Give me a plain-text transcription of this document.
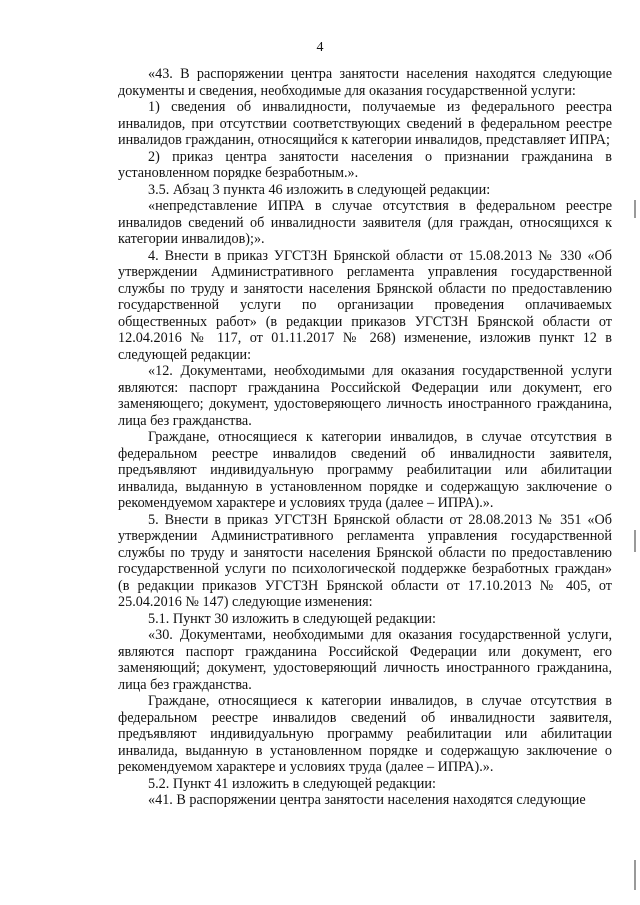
4

«43. В распоряжении центра занятости населения находятся следующие документы и сведения, необходимые для оказания государственной услуги:

1) сведения об инвалидности, получаемые из федерального реестра инвалидов, при отсутствии соответствующих сведений в федеральном реестре инвалидов гражданин, относящийся к категории инвалидов, представляет ИПРА;

2) приказ центра занятости населения о признании гражданина в установленном порядке безработным.».

3.5. Абзац 3 пункта 46 изложить в следующей редакции:

«непредставление ИПРА в случае отсутствия в федеральном реестре инвалидов сведений об инвалидности заявителя (для граждан, относящихся к категории инвалидов);».

4. Внести в приказ УГСТЗН Брянской области от 15.08.2013 № 330 «Об утверждении Административного регламента управления государственной службы по труду и занятости населения Брянской области по предоставлению государственной услуги по организации проведения оплачиваемых общественных работ» (в редакции приказов УГСТЗН Брянской области от 12.04.2016 № 117, от 01.11.2017 № 268) изменение, изложив пункт 12 в следующей редакции:

«12. Документами, необходимыми для оказания государственной услуги являются: паспорт гражданина Российской Федерации или документ, его заменяющего; документ, удостоверяющего личность иностранного гражданина, лица без гражданства.

Граждане, относящиеся к категории инвалидов, в случае отсутствия в федеральном реестре инвалидов сведений об инвалидности заявителя, предъявляют индивидуальную программу реабилитации или абилитации инвалида, выданную в установленном порядке и содержащую заключение о рекомендуемом характере и условиях труда (далее – ИПРА).».

5. Внести в приказ УГСТЗН Брянской области от 28.08.2013 № 351 «Об утверждении Административного регламента управления государственной службы по труду и занятости населения Брянской области по предоставлению государственной услуги по психологической поддержке безработных граждан» (в редакции приказов УГСТЗН Брянской области от 17.10.2013 № 405, от 25.04.2016 № 147) следующие изменения:

5.1. Пункт 30 изложить в следующей редакции:

«30. Документами, необходимыми для оказания государственной услуги, являются паспорт гражданина Российской Федерации или документ, его заменяющий; документ, удостоверяющий личность иностранного гражданина, лица без гражданства.

Граждане, относящиеся к категории инвалидов, в случае отсутствия в федеральном реестре инвалидов сведений об инвалидности заявителя, предъявляют индивидуальную программу реабилитации или абилитации инвалида, выданную в установленном порядке и содержащую заключение о рекомендуемом характере и условиях труда (далее – ИПРА).».

5.2. Пункт 41 изложить в следующей редакции:

«41. В распоряжении центра занятости населения находятся следующие
